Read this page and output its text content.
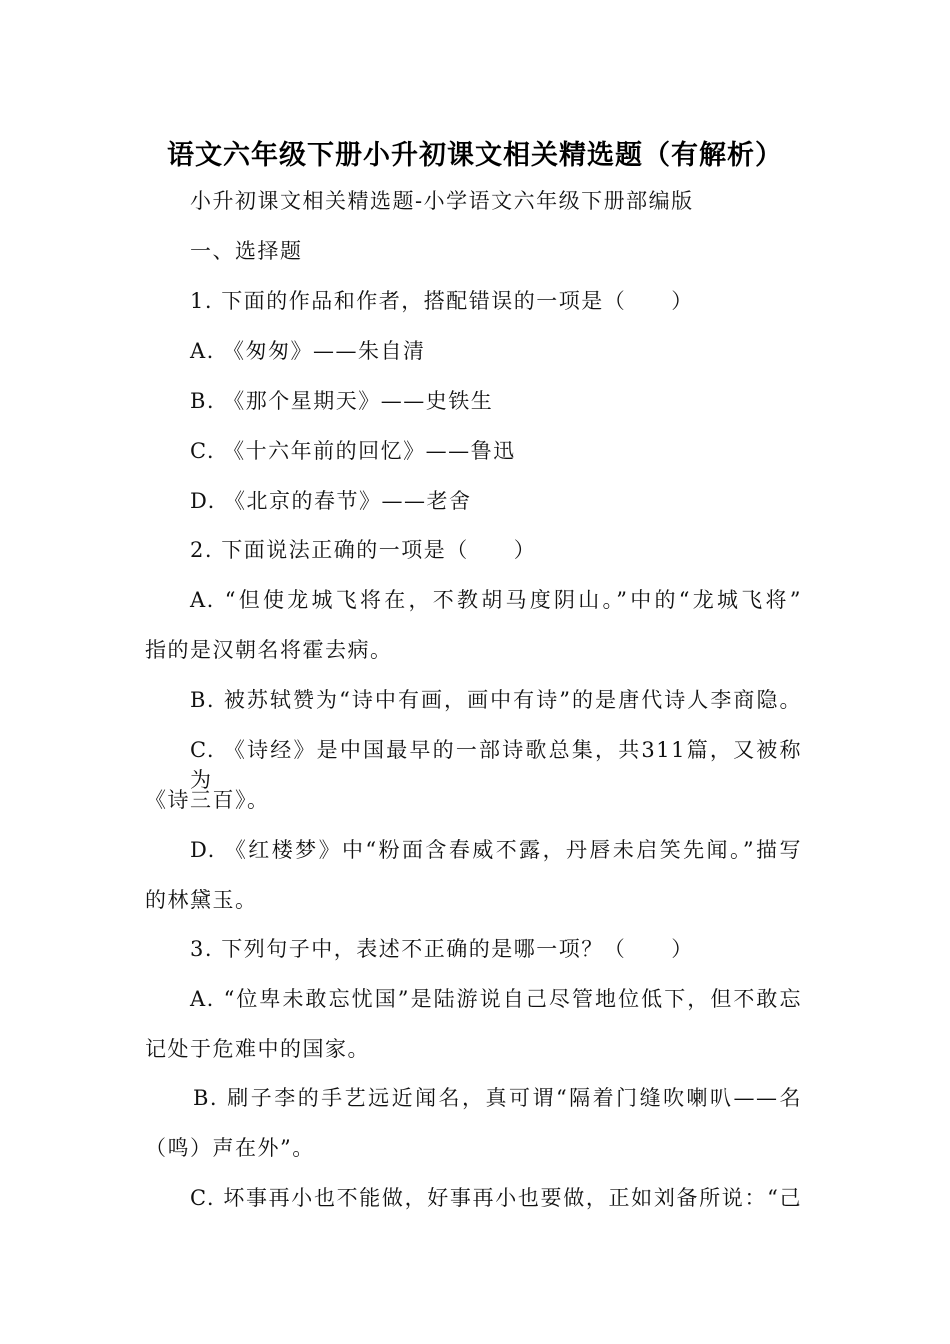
语文六年级下册小升初课文相关精选题（有解析）
小升初课文相关精选题-小学语文六年级下册部编版
一、选择题
1. 下面的作品和作者，搭配错误的一项是（　　）
A. 《匆匆》——朱自清
B. 《那个星期天》——史铁生
C. 《十六年前的回忆》——鲁迅
D. 《北京的春节》——老舍
2. 下面说法正确的一项是（　　）
A. “但使龙城飞将在，不教胡马度阴山。”中的“龙城飞将”
指的是汉朝名将霍去病。
B. 被苏轼赞为“诗中有画，画中有诗”的是唐代诗人李商隐。
C. 《诗经》是中国最早的一部诗歌总集，共311篇，又被称为
《诗三百》。
D. 《红楼梦》中“粉面含春威不露，丹唇未启笑先闻。”描写
的林黛玉。
3. 下列句子中，表述不正确的是哪一项？（　　）
A. “位卑未敢忘忧国”是陆游说自己尽管地位低下，但不敢忘
记处于危难中的国家。
B. 刷子李的手艺远近闻名，真可谓“隔着门缝吹喇叭——名
（鸣）声在外”。
C. 坏事再小也不能做，好事再小也要做，正如刘备所说：“己
